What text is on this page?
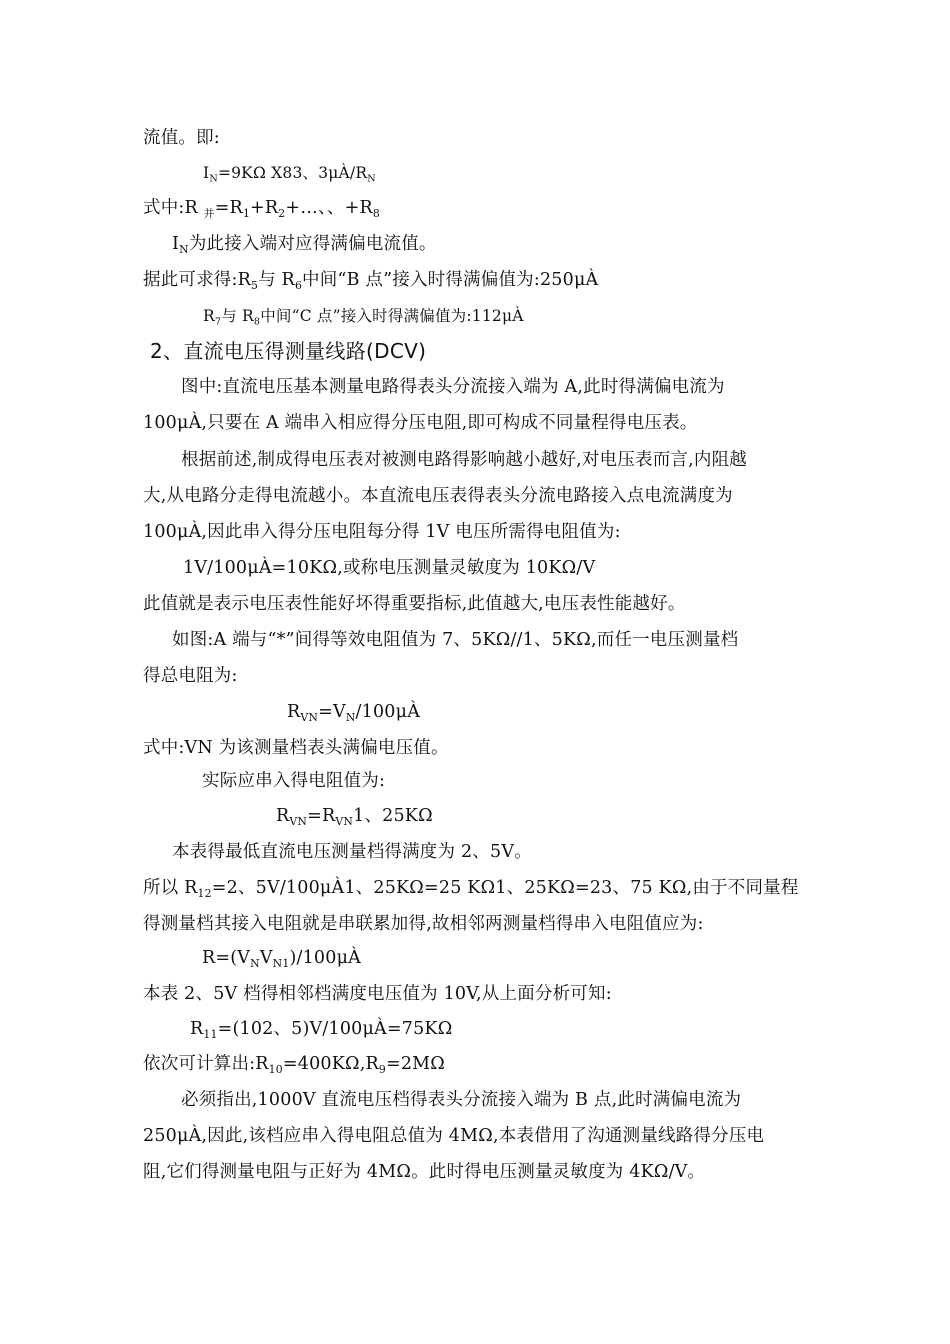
流值。即:
$I_N=9K\Omega$ X83、$3\mu À/R_N$
式中:R $_并=R_1+R_2+\dots$、、$+R_8$
$I_N$为此接入端对应得满偏电流值。
据此可求得$:R_5$与 $R_6$中间“B 点”接入时得满偏值为:250μÀ
$R_7$与 $R_8$中间“C 点”接入时得满偏值为:112μÀ
2、直流电压得测量线路(DCV)
图中:直流电压基本测量电路得表头分流接入端为 A,此时得满偏电流为
100μÀ,只要在 A 端串入相应得分压电阻,即可构成不同量程得电压表。
根据前述,制成得电压表对被测电路得影响越小越好,对电压表而言,内阻越
大,从电路分走得电流越小。本直流电压表得表头分流电路接入点电流满度为
100μÀ,因此串入得分压电阻每分得 1V 电压所需得电阻值为:
1V/100μÀ=10KΩ,或称电压测量灵敏度为 10KΩ/V
此值就是表示电压表性能好坏得重要指标,此值越大,电压表性能越好。
如图:A 端与“*”间得等效电阻值为 7、5KΩ//1、5KΩ,而任一电压测量档
得总电阻为:
$R_{VN}=V_N/100\mu À$
式中:VN 为该测量档表头满偏电压值。
实际应串入得电阻值为:
$R_{VN}=R_{VN}1$、25KΩ
本表得最低直流电压测量档得满度为 2、5V。
所以 $R_{12}=2$、5V/100μÀ1、25KΩ=25 KΩ1、25KΩ=23、75 KΩ,由于不同量程
得测量档其接入电阻就是串联累加得,故相邻两测量档得串入电阻值应为:
$R=(V_NV_{N1})/100\mu À$
本表 2、5V 档得相邻档满度电压值为 10V,从上面分析可知:
$R_{11}=(102$、5)V/100μÀ=75KΩ
依次可计算出$:R_{10}=400K\Omega,R_9=2M\Omega$
必须指出,1000V 直流电压档得表头分流接入端为 B 点,此时满偏电流为
250μÀ,因此,该档应串入得电阻总值为 4MΩ,本表借用了沟通测量线路得分压电
阻,它们得测量电阻与正好为 4MΩ。此时得电压测量灵敏度为 4KΩ/V。
